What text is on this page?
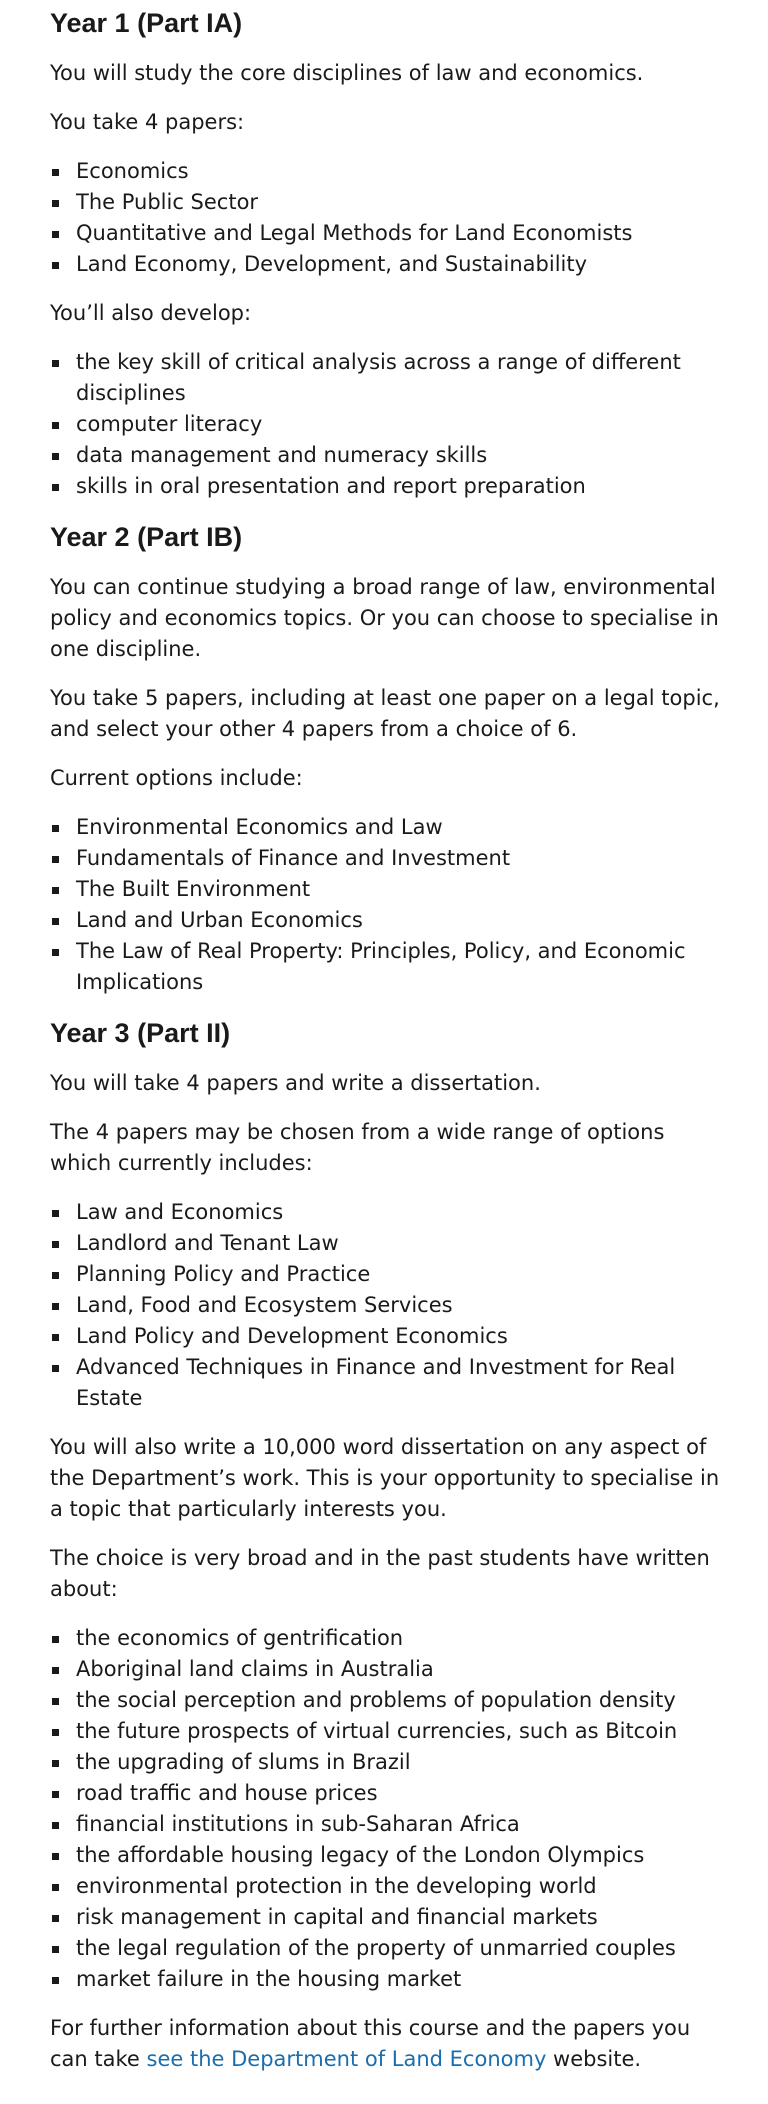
Year 1 (Part IA)

You will study the core disciplines of law and economics.

You take 4 papers:

Economics
The Public Sector
Quantitative and Legal Methods for Land Economists
Land Economy, Development, and Sustainability

You’ll also develop:

the key skill of critical analysis across a range of different disciplines
computer literacy
data management and numeracy skills
skills in oral presentation and report preparation
Year 2 (Part IB)

You can continue studying a broad range of law, environmental policy and economics topics. Or you can choose to specialise in one discipline.

You take 5 papers, including at least one paper on a legal topic, and select your other 4 papers from a choice of 6.

Current options include:

Environmental Economics and Law
Fundamentals of Finance and Investment
The Built Environment
Land and Urban Economics
The Law of Real Property: Principles, Policy, and Economic Implications
Year 3 (Part II)

You will take 4 papers and write a dissertation.

The 4 papers may be chosen from a wide range of options which currently includes:

Law and Economics
Landlord and Tenant Law
Planning Policy and Practice
Land, Food and Ecosystem Services
Land Policy and Development Economics
Advanced Techniques in Finance and Investment for Real Estate

You will also write a 10,000 word dissertation on any aspect of the Department’s work. This is your opportunity to specialise in a topic that particularly interests you.

The choice is very broad and in the past students have written about:

the economics of gentrification
Aboriginal land claims in Australia
the social perception and problems of population density
the future prospects of virtual currencies, such as Bitcoin
the upgrading of slums in Brazil
road traffic and house prices
financial institutions in sub-Saharan Africa
the affordable housing legacy of the London Olympics
environmental protection in the developing world
risk management in capital and financial markets
the legal regulation of the property of unmarried couples
market failure in the housing market

For further information about this course and the papers you can take see the Department of Land Economy website.
